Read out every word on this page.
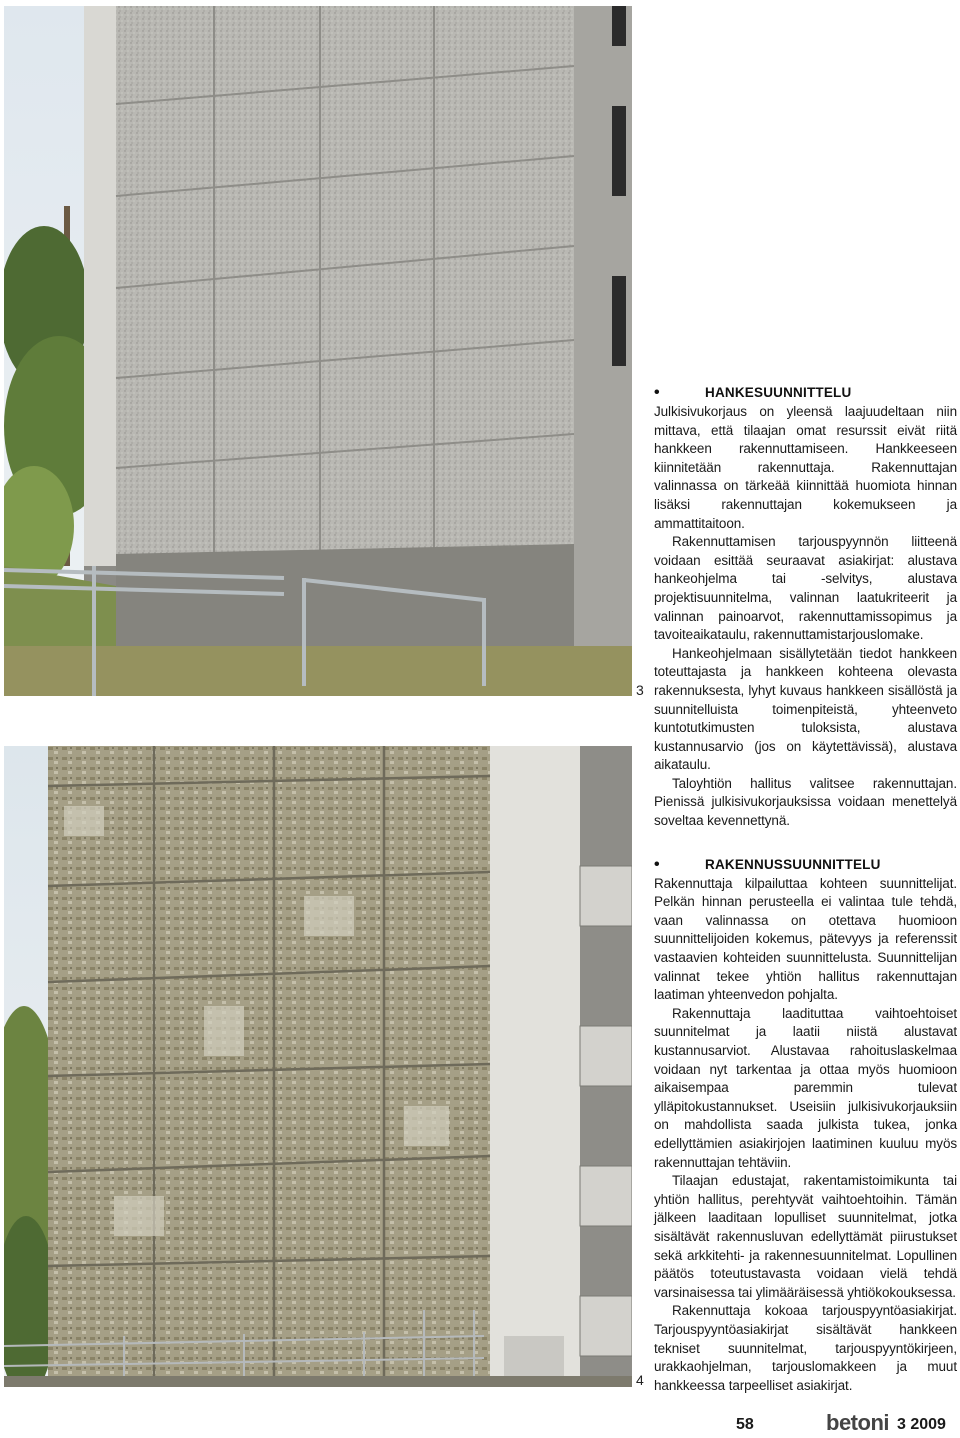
3
4
•	HANKESUUNNITTELU

Julkisivukorjaus on yleensä laajuudeltaan niin mittava, että tilaajan omat resurssit eivät riitä hankkeen rakennuttamiseen. Hankkeeseen kiinnitetään rakennuttaja. Rakennuttajan valinnassa on tärkeää kiinnittää huomiota hinnan lisäksi rakennuttajan kokemukseen ja ammattitaitoon.

Rakennuttamisen tarjouspyynnön liitteenä voidaan esittää seuraavat asiakirjat: alustava hankeohjelma tai -selvitys, alustava projektisuunnitelma, valinnan laatukriteerit ja valinnan painoarvot, rakennuttamissopimus ja tavoiteaikataulu, rakennuttamistarjouslomake.

Hankeohjelmaan sisällytetään tiedot hankkeen toteuttajasta ja hankkeen kohteena olevasta rakennuksesta, lyhyt kuvaus hankkeen sisällöstä ja suunnitelluista toimenpiteistä, yhteenveto kuntotutkimusten tuloksista, alustava kustannusarvio (jos on käytettävissä), alustava aikataulu.

Taloyhtiön hallitus valitsee rakennuttajan. Pienissä julkisivukorjauksissa voidaan menettelyä soveltaa kevennettynä.

•	RAKENNUSSUUNNITTELU

Rakennuttaja kilpailuttaa kohteen suunnittelijat. Pelkän hinnan perusteella ei valintaa tule tehdä, vaan valinnassa on otettava huomioon suunnittelijoiden kokemus, pätevyys ja referenssit vastaavien kohteiden suunnittelusta. Suunnittelijan valinnat tekee yhtiön hallitus rakennuttajan laatiman yhteenvedon pohjalta.

Rakennuttaja laadituttaa vaihtoehtoiset suunnitelmat ja laatii niistä alustavat kustannusarviot. Alustavaa rahoituslaskelmaa voidaan nyt tarkentaa ja ottaa myös huomioon aikaisempaa paremmin tulevat ylläpitokustannukset. Useisiin julkisivukorjauksiin on mahdollista saada julkista tukea, jonka edellyttämien asiakirjojen laatiminen kuuluu myös rakennuttajan tehtäviin.

Tilaajan edustajat, rakentamistoimikunta tai yhtiön hallitus, perehtyvät vaihtoehtoihin. Tämän jälkeen laaditaan lopulliset suunnitelmat, jotka sisältävät rakennusluvan edellyttämät piirustukset sekä arkkitehti- ja rakennesuunnitelmat. Lopullinen päätös toteutustavasta voidaan vielä tehdä varsinaisessa tai ylimääräisessä yhtiökokouksessa.

Rakennuttaja kokoaa tarjouspyyntöasiakirjat. Tarjouspyyntöasiakirjat sisältävät hankkeen tekniset suunnitelmat, tarjouspyyntökirjeen, urakkaohjelman, tarjouslomakkeen ja muut hankkeessa tarpeelliset asiakirjat.

58	betoni 3 2009
